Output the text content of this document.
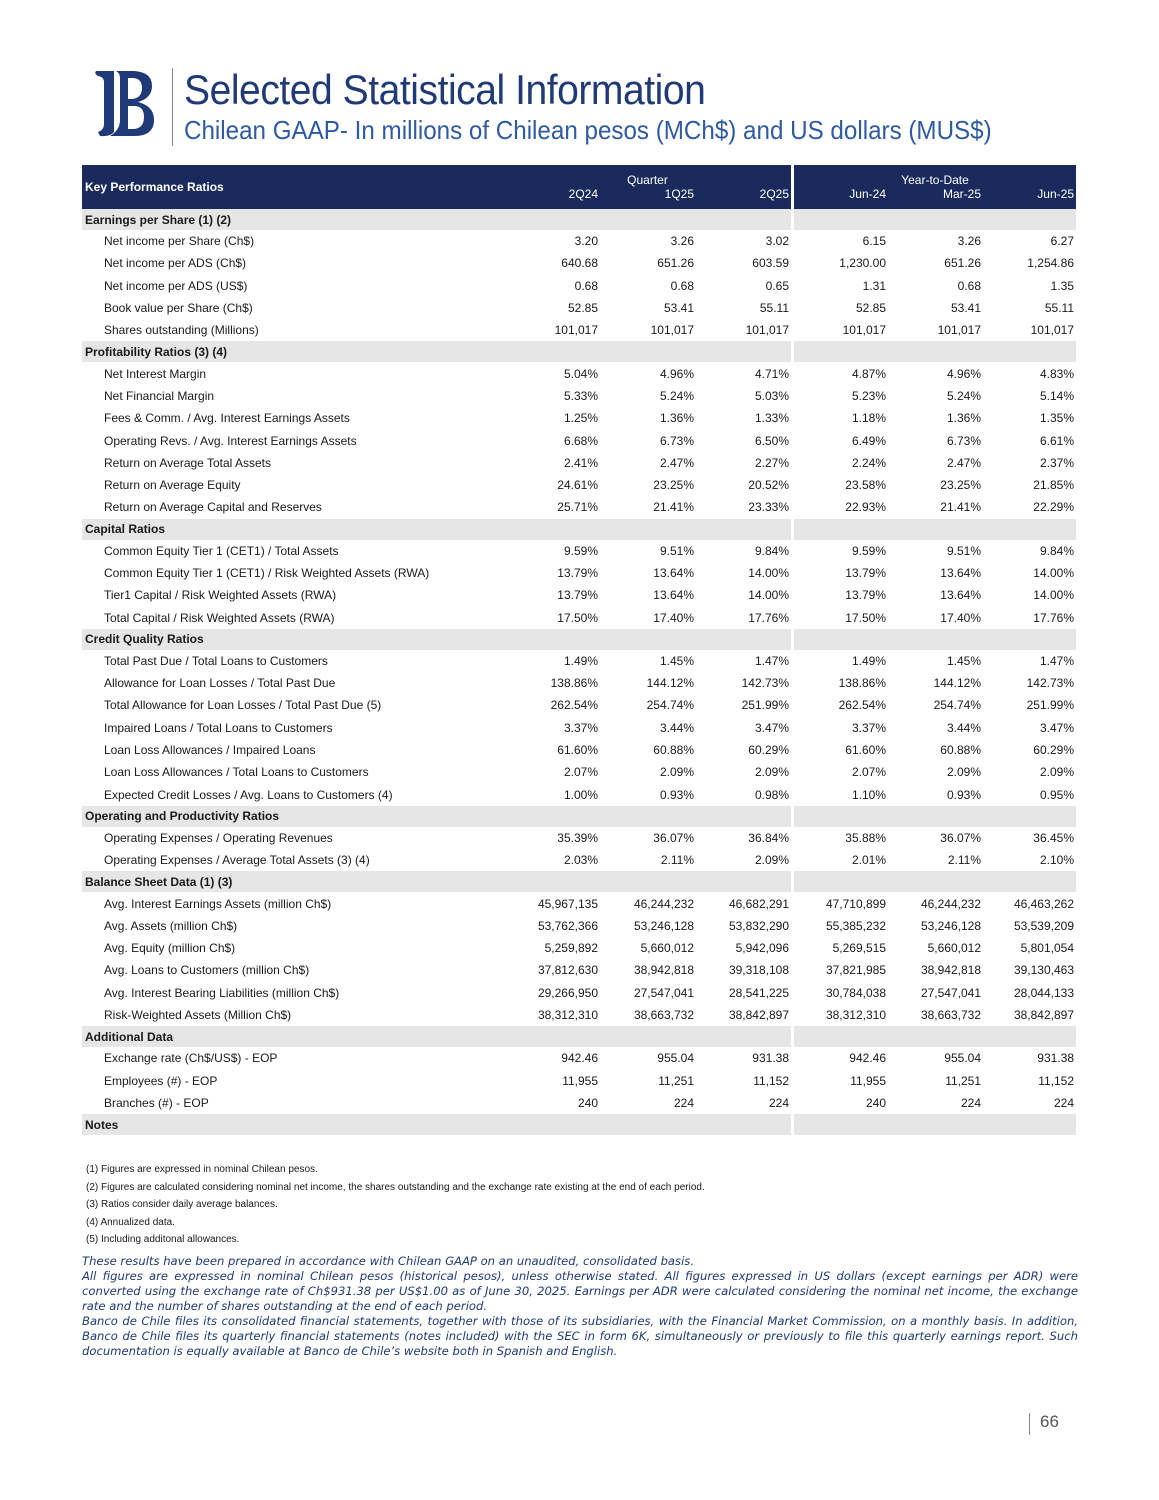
Selected Statistical Information
Chilean GAAP- In millions of Chilean pesos (MCh$) and US dollars (MUS$)
Key Performance Ratios	Quarter				Year-to-Date		
	2Q24	1Q25	2Q25		Jun-24	Mar-25	Jun-25
Earnings per Share (1) (2)							
Net income per Share (Ch$)	3.20	3.26	3.02		6.15	3.26	6.27
Net income per ADS (Ch$)	640.68	651.26	603.59		1,230.00	651.26	1,254.86
Net income per ADS (US$)	0.68	0.68	0.65		1.31	0.68	1.35
Book value per Share (Ch$)	52.85	53.41	55.11		52.85	53.41	55.11
Shares outstanding (Millions)	101,017	101,017	101,017		101,017	101,017	101,017
Profitability Ratios (3) (4)							
Net Interest Margin	5.04%	4.96%	4.71%		4.87%	4.96%	4.83%
Net Financial Margin	5.33%	5.24%	5.03%		5.23%	5.24%	5.14%
Fees & Comm. / Avg. Interest Earnings Assets	1.25%	1.36%	1.33%		1.18%	1.36%	1.35%
Operating Revs. / Avg. Interest Earnings Assets	6.68%	6.73%	6.50%		6.49%	6.73%	6.61%
Return on Average Total Assets	2.41%	2.47%	2.27%		2.24%	2.47%	2.37%
Return on Average Equity	24.61%	23.25%	20.52%		23.58%	23.25%	21.85%
Return on Average Capital and Reserves	25.71%	21.41%	23.33%		22.93%	21.41%	22.29%
Capital Ratios							
Common Equity Tier 1 (CET1) / Total Assets	9.59%	9.51%	9.84%		9.59%	9.51%	9.84%
Common Equity Tier 1 (CET1) / Risk Weighted Assets (RWA)	13.79%	13.64%	14.00%		13.79%	13.64%	14.00%
Tier1 Capital / Risk Weighted Assets (RWA)	13.79%	13.64%	14.00%		13.79%	13.64%	14.00%
Total Capital / Risk Weighted Assets (RWA)	17.50%	17.40%	17.76%		17.50%	17.40%	17.76%
Credit Quality Ratios							
Total Past Due / Total Loans to Customers	1.49%	1.45%	1.47%		1.49%	1.45%	1.47%
Allowance for Loan Losses / Total Past Due	138.86%	144.12%	142.73%		138.86%	144.12%	142.73%
Total Allowance for Loan Losses / Total Past Due (5)	262.54%	254.74%	251.99%		262.54%	254.74%	251.99%
Impaired Loans / Total Loans to Customers	3.37%	3.44%	3.47%		3.37%	3.44%	3.47%
Loan Loss Allowances / Impaired Loans	61.60%	60.88%	60.29%		61.60%	60.88%	60.29%
Loan Loss Allowances / Total Loans to Customers	2.07%	2.09%	2.09%		2.07%	2.09%	2.09%
Expected Credit Losses / Avg. Loans to Customers (4)	1.00%	0.93%	0.98%		1.10%	0.93%	0.95%
Operating and Productivity Ratios							
Operating Expenses / Operating Revenues	35.39%	36.07%	36.84%		35.88%	36.07%	36.45%
Operating Expenses / Average Total Assets (3) (4)	2.03%	2.11%	2.09%		2.01%	2.11%	2.10%
Balance Sheet Data (1) (3)							
Avg. Interest Earnings Assets (million Ch$)	45,967,135	46,244,232	46,682,291		47,710,899	46,244,232	46,463,262
Avg. Assets (million Ch$)	53,762,366	53,246,128	53,832,290		55,385,232	53,246,128	53,539,209
Avg. Equity (million Ch$)	5,259,892	5,660,012	5,942,096		5,269,515	5,660,012	5,801,054
Avg. Loans to Customers (million Ch$)	37,812,630	38,942,818	39,318,108		37,821,985	38,942,818	39,130,463
Avg. Interest Bearing Liabilities (million Ch$)	29,266,950	27,547,041	28,541,225		30,784,038	27,547,041	28,044,133
Risk-Weighted Assets (Million Ch$)	38,312,310	38,663,732	38,842,897		38,312,310	38,663,732	38,842,897
Additional Data							
Exchange rate (Ch$/US$) - EOP	942.46	955.04	931.38		942.46	955.04	931.38
Employees (#) - EOP	11,955	11,251	11,152		11,955	11,251	11,152
Branches (#) - EOP	240	224	224		240	224	224
Notes							
(1) Figures are expressed in nominal Chilean pesos.
(2) Figures are calculated considering nominal net income, the shares outstanding and the exchange rate existing at the end of each period.
(3) Ratios consider daily average balances.
(4) Annualized data.
(5) Including additonal allowances.

These results have been prepared in accordance with Chilean GAAP on an unaudited, consolidated basis.

All figures are expressed in nominal Chilean pesos (historical pesos), unless otherwise stated. All figures expressed in US dollars (except earnings per ADR) were converted using the exchange rate of Ch$931.38 per US$1.00 as of June 30, 2025. Earnings per ADR were calculated considering the nominal net income, the exchange rate and the number of shares outstanding at the end of each period.

Banco de Chile files its consolidated financial statements, together with those of its subsidiaries, with the Financial Market Commission, on a monthly basis. In addition, Banco de Chile files its quarterly financial statements (notes included) with the SEC in form 6K, simultaneously or previously to file this quarterly earnings report. Such documentation is equally available at Banco de Chile’s website both in Spanish and English.

66
